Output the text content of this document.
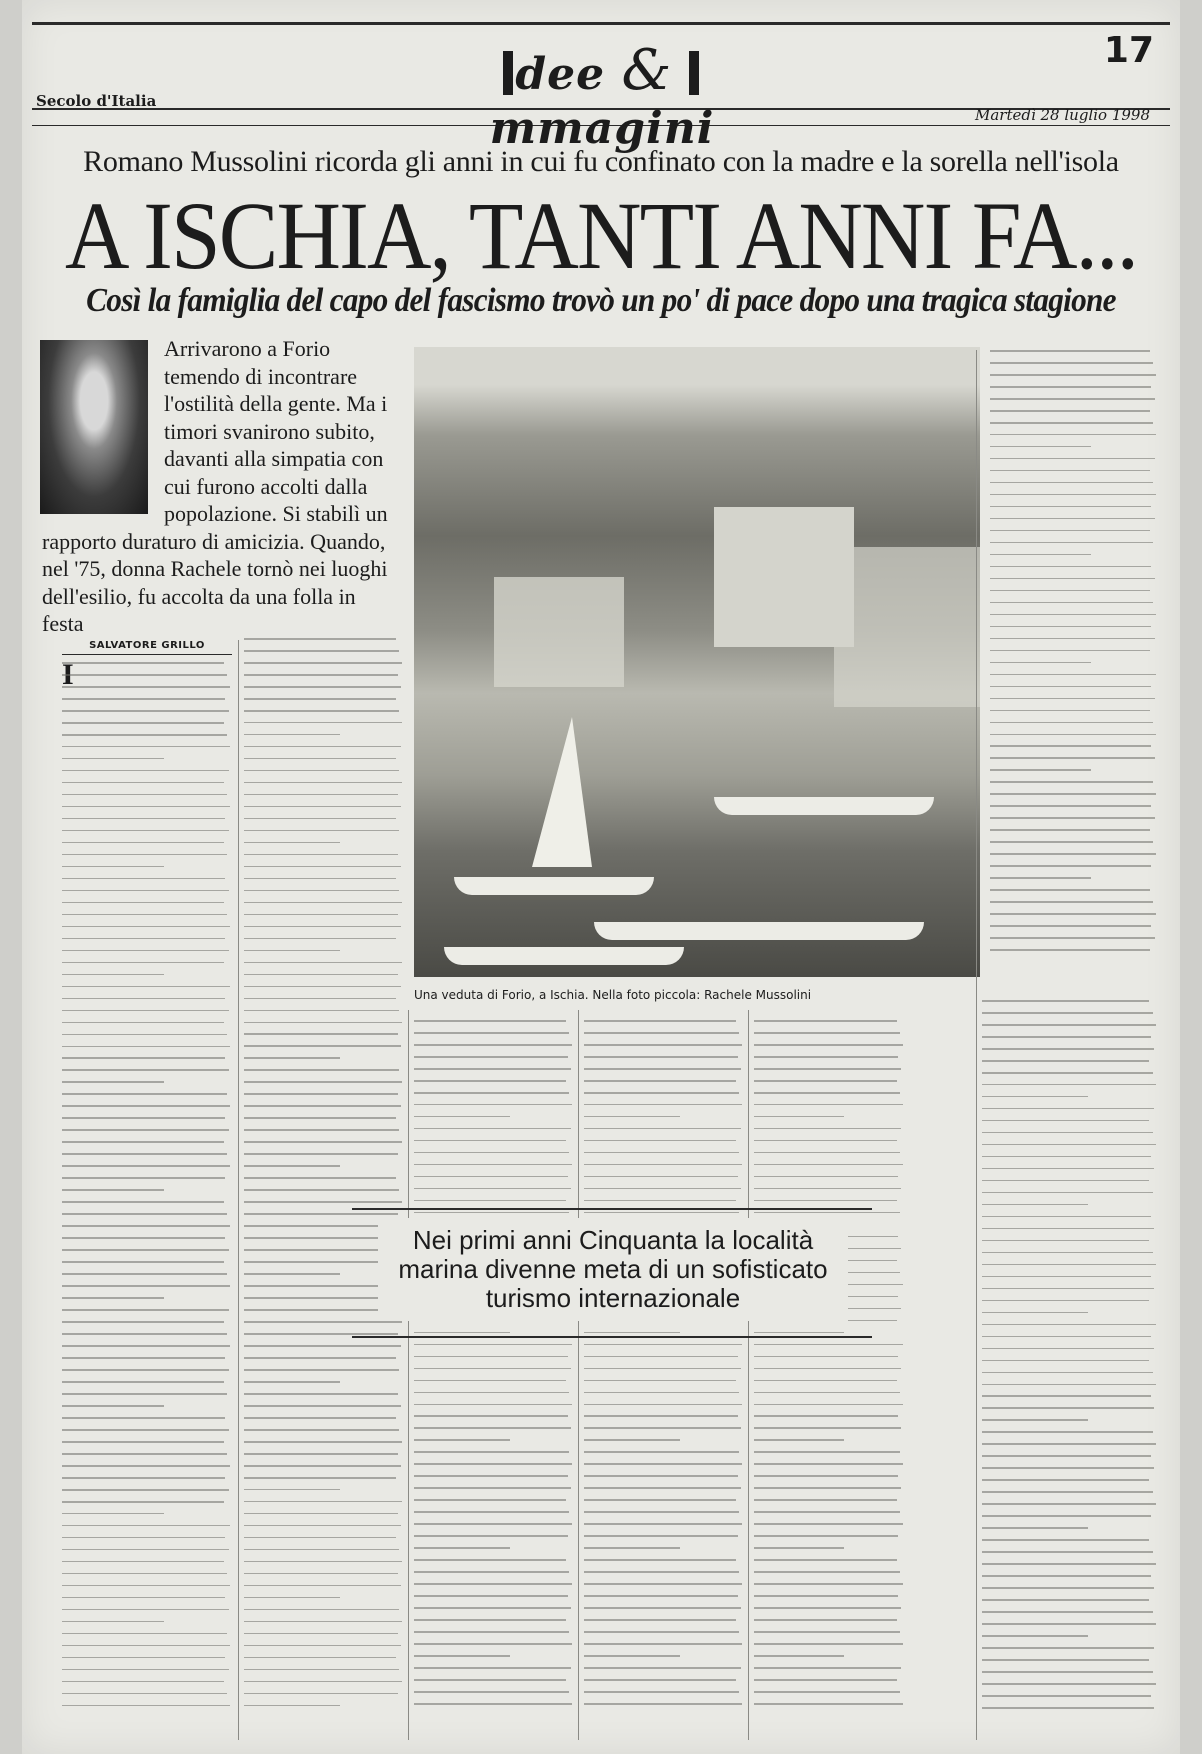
dee & mmagini
Secolo d'Italia
17
Martedì 28 luglio 1998
Romano Mussolini ricorda gli anni in cui fu confinato con la madre e la sorella nell'isola
A ISCHIA, TANTI ANNI FA...
Così la famiglia del capo del fascismo trovò un po' di pace dopo una tragica stagione
Arrivarono a Forio temendo di incontrare l'ostilità della gente. Ma i timori svanirono subito, davanti alla simpatia con cui furono accolti dalla popolazione. Si stabilì un rapporto duraturo di amicizia. Quando, nel '75, donna Rachele tornò nei luoghi dell'esilio, fu accolta da una folla in festa
Una veduta di Forio, a Ischia. Nella foto piccola: Rachele Mussolini
SALVATORE GRILLO
Nei primi anni Cinquanta la località marina divenne meta di un sofisticato turismo internazionale
